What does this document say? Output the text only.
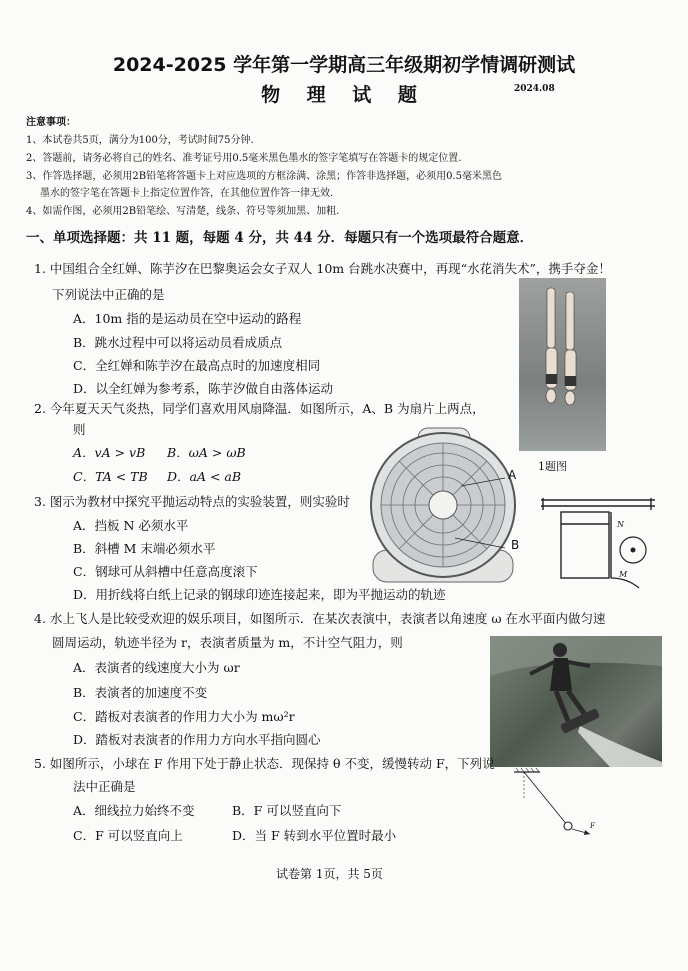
2024-2025 学年第一学期高三年级期初学情调研测试
物 理 试 题	2024.08
注意事项：
1、本试卷共5页，满分为100分，考试时间75分钟.
2、答题前，请务必将自己的姓名、准考证号用0.5毫米黑色墨水的签字笔填写在答题卡的规定位置.
3、作答选择题，必须用2B铅笔将答题卡上对应选项的方框涂满、涂黑；作答非选择题，必须用0.5毫米黑色
墨水的签字笔在答题卡上指定位置作答，在其他位置作答一律无效.
4、如需作图，必须用2B铅笔绘、写清楚，线条、符号等须加黑、加粗.
一、单项选择题：共 11 题，每题 4 分，共 44 分．每题只有一个选项最符合题意．
1. 中国组合全红婵、陈芋汐在巴黎奥运会女子双人 10m 台跳水决赛中，再现“水花消失术”，携手夺金！
下列说法中正确的是
A．10m 指的是运动员在空中运动的路程
B．跳水过程中可以将运动员看成质点
C．全红婵和陈芋汐在最高点时的加速度相同
D．以全红婵为参考系，陈芋汐做自由落体运动
1题图
2. 今年夏天天气炎热，同学们喜欢用风扇降温．如图所示，A、B 为扇片上两点，
则
A．vA > vB B．ωA > ωB
C．TA < TB D．aA < aB	A
B
3. 图示为教材中探究平抛运动特点的实验装置，则实验时
A．挡板 N 必须水平
B．斜槽 M 末端必须水平
C．钢球可从斜槽中任意高度滚下
D．用折线将白纸上记录的钢球印迹连接起来，即为平抛运动的轨迹
N
M
4. 水上飞人是比较受欢迎的娱乐项目，如图所示．在某次表演中，表演者以角速度 ω 在水平面内做匀速
圆周运动，轨迹半径为 r，表演者质量为 m，不计空气阻力，则
A．表演者的线速度大小为 ωr
B．表演者的加速度不变
C．踏板对表演者的作用力大小为 mω²r
D．踏板对表演者的作用力方向水平指向圆心
5. 如图所示，小球在 F 作用下处于静止状态．现保持 θ 不变，缓慢转动 F，下列说
法中正确是
A．细线拉力始终不变	B．F 可以竖直向下
C．F 可以竖直向上	D．当 F 转到水平位置时最小
F
试卷第 1页，共 5页
